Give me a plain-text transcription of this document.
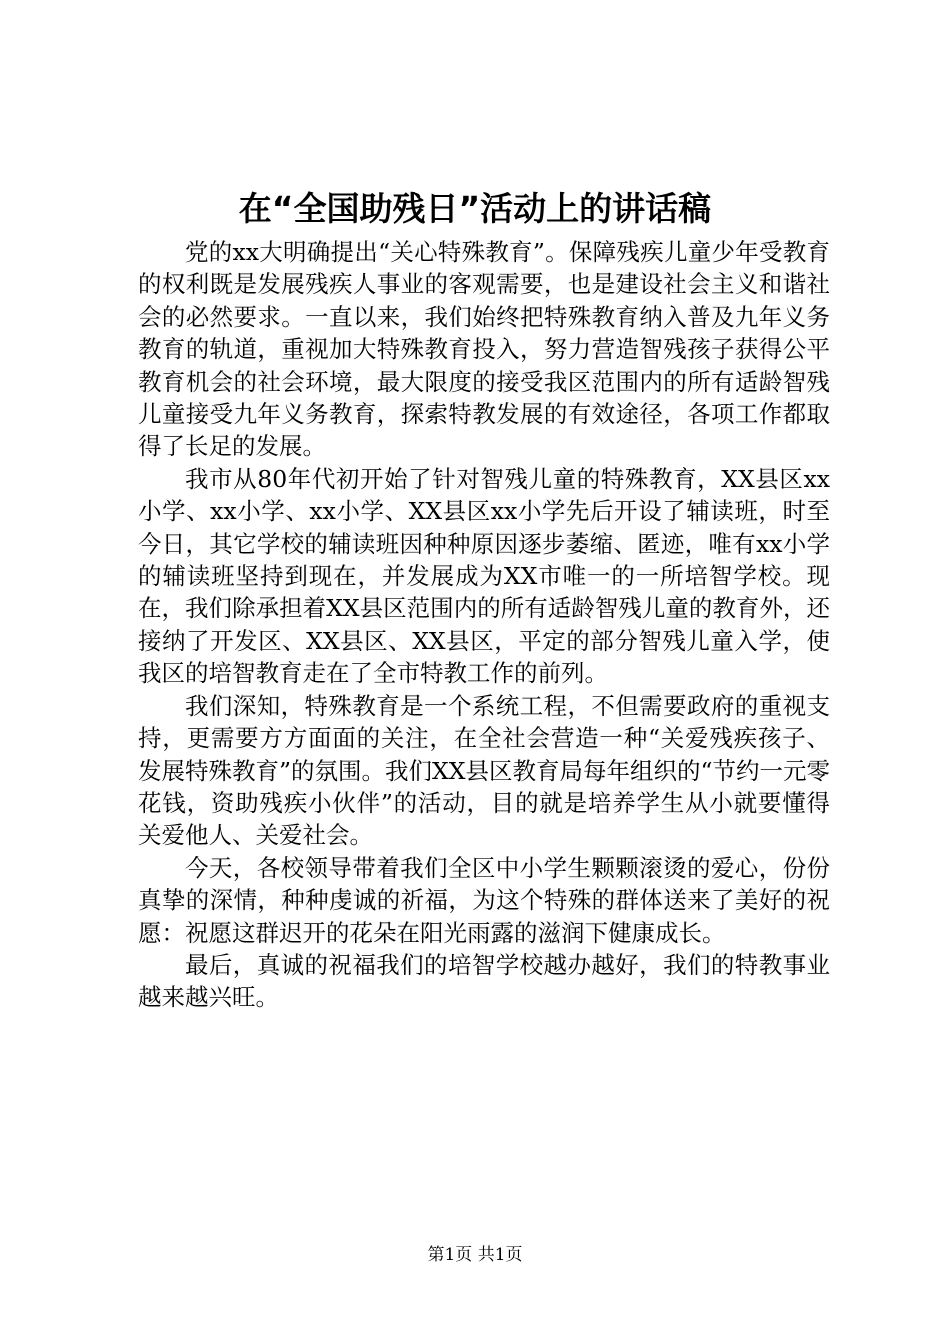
在“全国助残日”活动上的讲话稿

党的xx大明确提出“关心特殊教育”。保障残疾儿童少年受教育的权利既是发展残疾人事业的客观需要，也是建设社会主义和谐社会的必然要求。一直以来，我们始终把特殊教育纳入普及九年义务教育的轨道，重视加大特殊教育投入，努力营造智残孩子获得公平教育机会的社会环境，最大限度的接受我区范围内的所有适龄智残儿童接受九年义务教育，探索特教发展的有效途径，各项工作都取得了长足的发展。

我市从80年代初开始了针对智残儿童的特殊教育，XX县区xx小学、xx小学、xx小学、XX县区xx小学先后开设了辅读班，时至今日，其它学校的辅读班因种种原因逐步萎缩、匿迹，唯有xx小学的辅读班坚持到现在，并发展成为XX市唯一的一所培智学校。现在，我们除承担着XX县区范围内的所有适龄智残儿童的教育外，还接纳了开发区、XX县区、XX县区，平定的部分智残儿童入学，使我区的培智教育走在了全市特教工作的前列。

我们深知，特殊教育是一个系统工程，不但需要政府的重视支持，更需要方方面面的关注，在全社会营造一种“关爱残疾孩子、发展特殊教育”的氛围。我们XX县区教育局每年组织的“节约一元零花钱，资助残疾小伙伴”的活动，目的就是培养学生从小就要懂得关爱他人、关爱社会。

今天，各校领导带着我们全区中小学生颗颗滚烫的爱心，份份真挚的深情，种种虔诚的祈福，为这个特殊的群体送来了美好的祝愿：祝愿这群迟开的花朵在阳光雨露的滋润下健康成长。

最后，真诚的祝福我们的培智学校越办越好，我们的特教事业越来越兴旺。

第1页 共1页
